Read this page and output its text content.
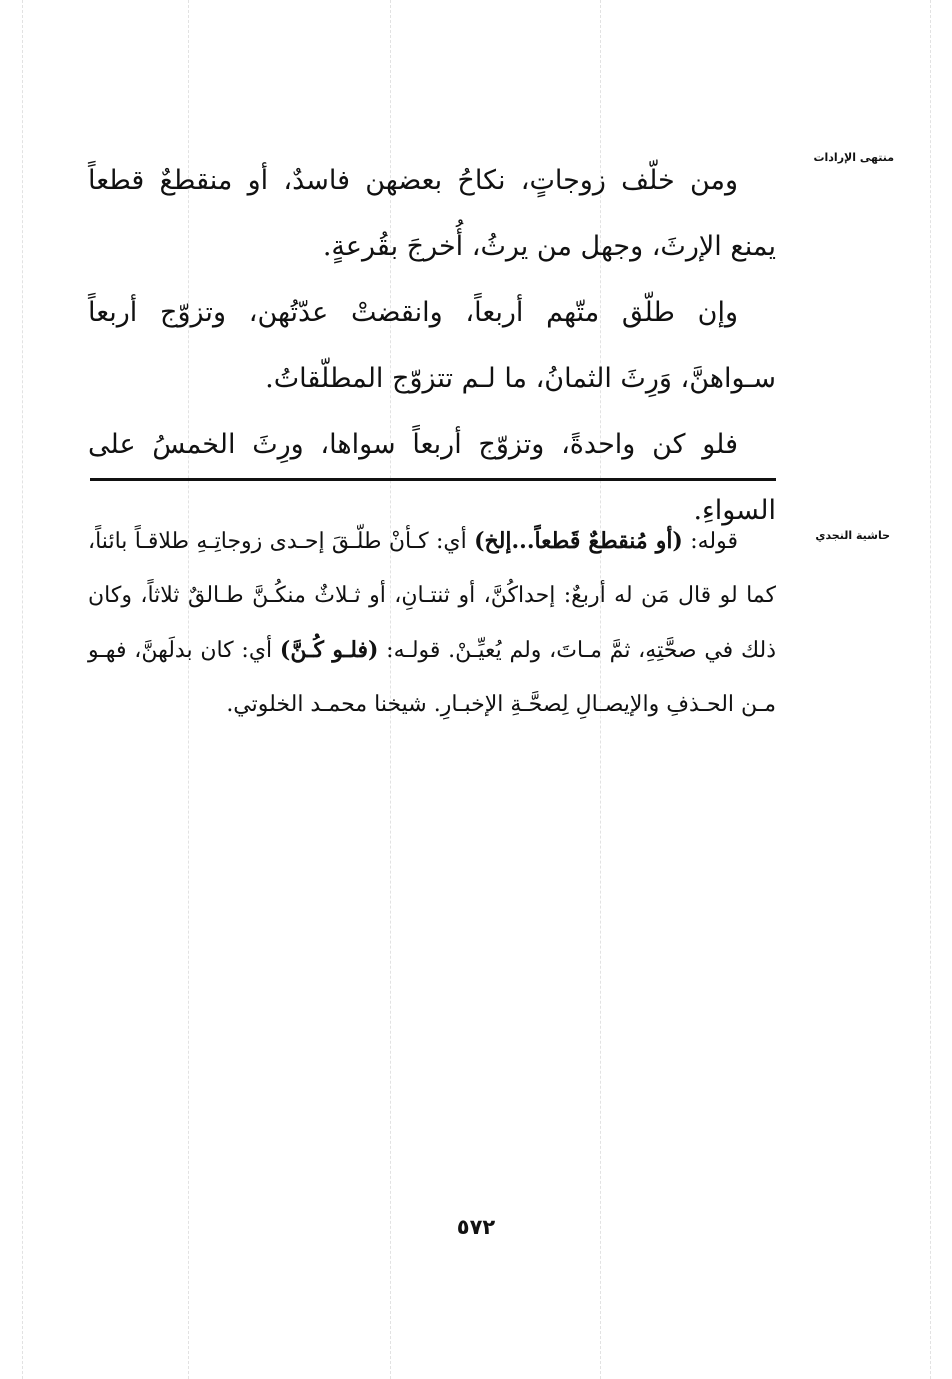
منتهى الإرادات

ومن خلّف زوجاتٍ، نكاحُ بعضهن فاسدٌ، أو منقطعٌ قطعاً يمنع الإرثَ، وجهل من يرثُ، أُخرجَ بقُرعةٍ.

وإن طلّق متّهم أربعاً، وانقضتْ عدّتُهن، وتزوّج أربعاً سـواهنَّ، وَرِثَ الثمانُ، ما لـم تتزوّج المطلّقاتُ.

فلو كن واحدةً، وتزوّج أربعاً سواها، ورِثَ الخمسُ على السواءِ.

حاشية النجدي

قوله: (أو مُنقطعٌ قَطعاً...إلخ) أي: كـأنْ طلّـقَ إحـدى زوجاتِـهِ طلاقـاً بائناً، كما لو قال مَن له أربعٌ: إحداكُنَّ، أو ثنتـانِ، أو ثـلاثٌ منكُـنَّ طـالقٌ ثلاثاً، وكان ذلك في صحَّتِهِ، ثمَّ مـاتَ، ولم يُعيِّـنْ. قولـه: (فلـو كُـنَّ) أي: كان بدلَهنَّ، فهـو مـن الحـذفِ والإيصـالِ لِصحَّـةِ الإخبـارِ. شيخنا محمـد الخلوتي.

٥٧٢
